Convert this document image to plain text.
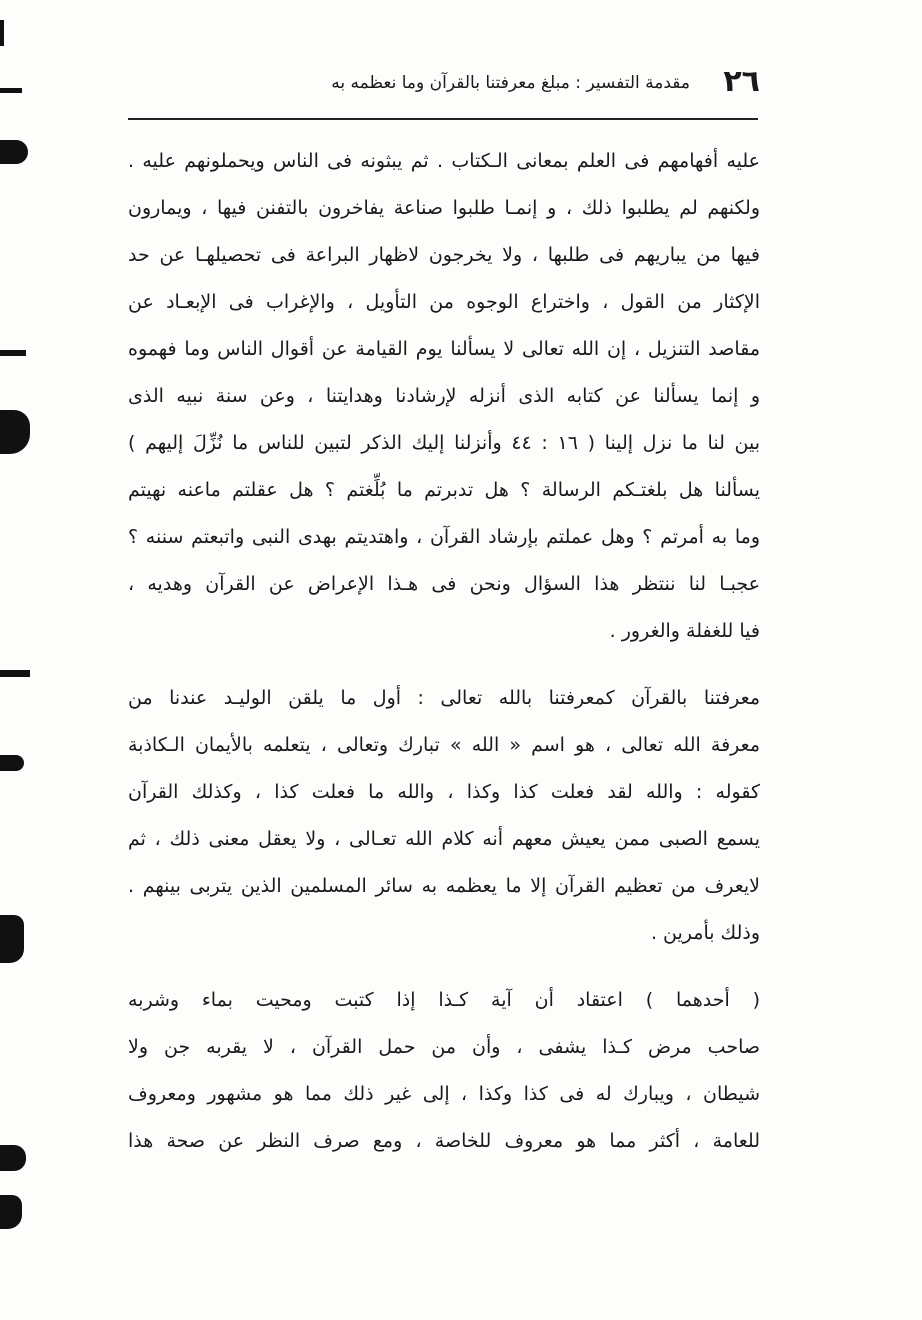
٢٦
مقدمة التفسير : مبلغ معرفتنا بالقرآن وما نعظمه به
عليه أفهامهم فى العلم بمعانى الـكتاب . ثم يبثونه فى الناس ويحملونهم عليه .
ولكنهم لم يطلبوا ذلك ، و إنمـا طلبوا صناعة يفاخرون بالتفنن فيها ، ويمارون
فيها من يباريهم فى طلبها ، ولا يخرجون لاظهار البراعة فى تحصيلهـا عن حد
الإكثار من القول ، واختراع الوجوه من التأويل ، والإغراب فى الإبعـاد عن
مقاصد التنزيل ، إن الله تعالى لا يسألنا يوم القيامة عن أقوال الناس وما فهموه
و إنما يسألنا عن كتابه الذى أنزله لإرشادنا وهدايتنا ، وعن سنة نبيه الذى
بين لنا ما نزل إلينا ( ١٦ : ٤٤ وأنزلنا إليك الذكر لتبين للناس ما نُزِّلَ إليهم )
يسألنا هل بلغتـكم الرسالة ؟ هل تدبرتم ما بُلِّغتم ؟ هل عقلتم ماعنه نهيتم
وما به أمرتم ؟ وهل عملتم بإرشاد القرآن ، واهتديتم بهدى النبى واتبعتم سننه ؟
عجبـا لنا ننتظر هذا السؤال ونحن فى هـذا الإعراض عن القرآن وهديه ،
فيا للغفلة والغرور .
معرفتنا بالقرآن كمعرفتنا بالله تعالى : أول ما يلقن الوليـد عندنا من
معرفة الله تعالى ، هو اسم « الله » تبارك وتعالى ، يتعلمه بالأيمان الـكاذبة
كقوله : والله لقد فعلت كذا وكذا ، والله ما فعلت كذا ، وكذلك القرآن
يسمع الصبى ممن يعيش معهم أنه كلام الله تعـالى ، ولا يعقل معنى ذلك ، ثم
لايعرف من تعظيم القرآن إلا ما يعظمه به سائر المسلمين الذين يتربى بينهم .
وذلك بأمرين .
( أحدهما ) اعتقاد أن آية كـذا إذا كتبت ومحيت بماء وشربه
صاحب مرض كـذا يشفى ، وأن من حمل القرآن ، لا يقربه جن ولا
شيطان ، ويبارك له فى كذا وكذا ، إلى غير ذلك مما هو مشهور ومعروف
للعامة ، أكثر مما هو معروف للخاصة ، ومع صرف النظر عن صحة هذا
